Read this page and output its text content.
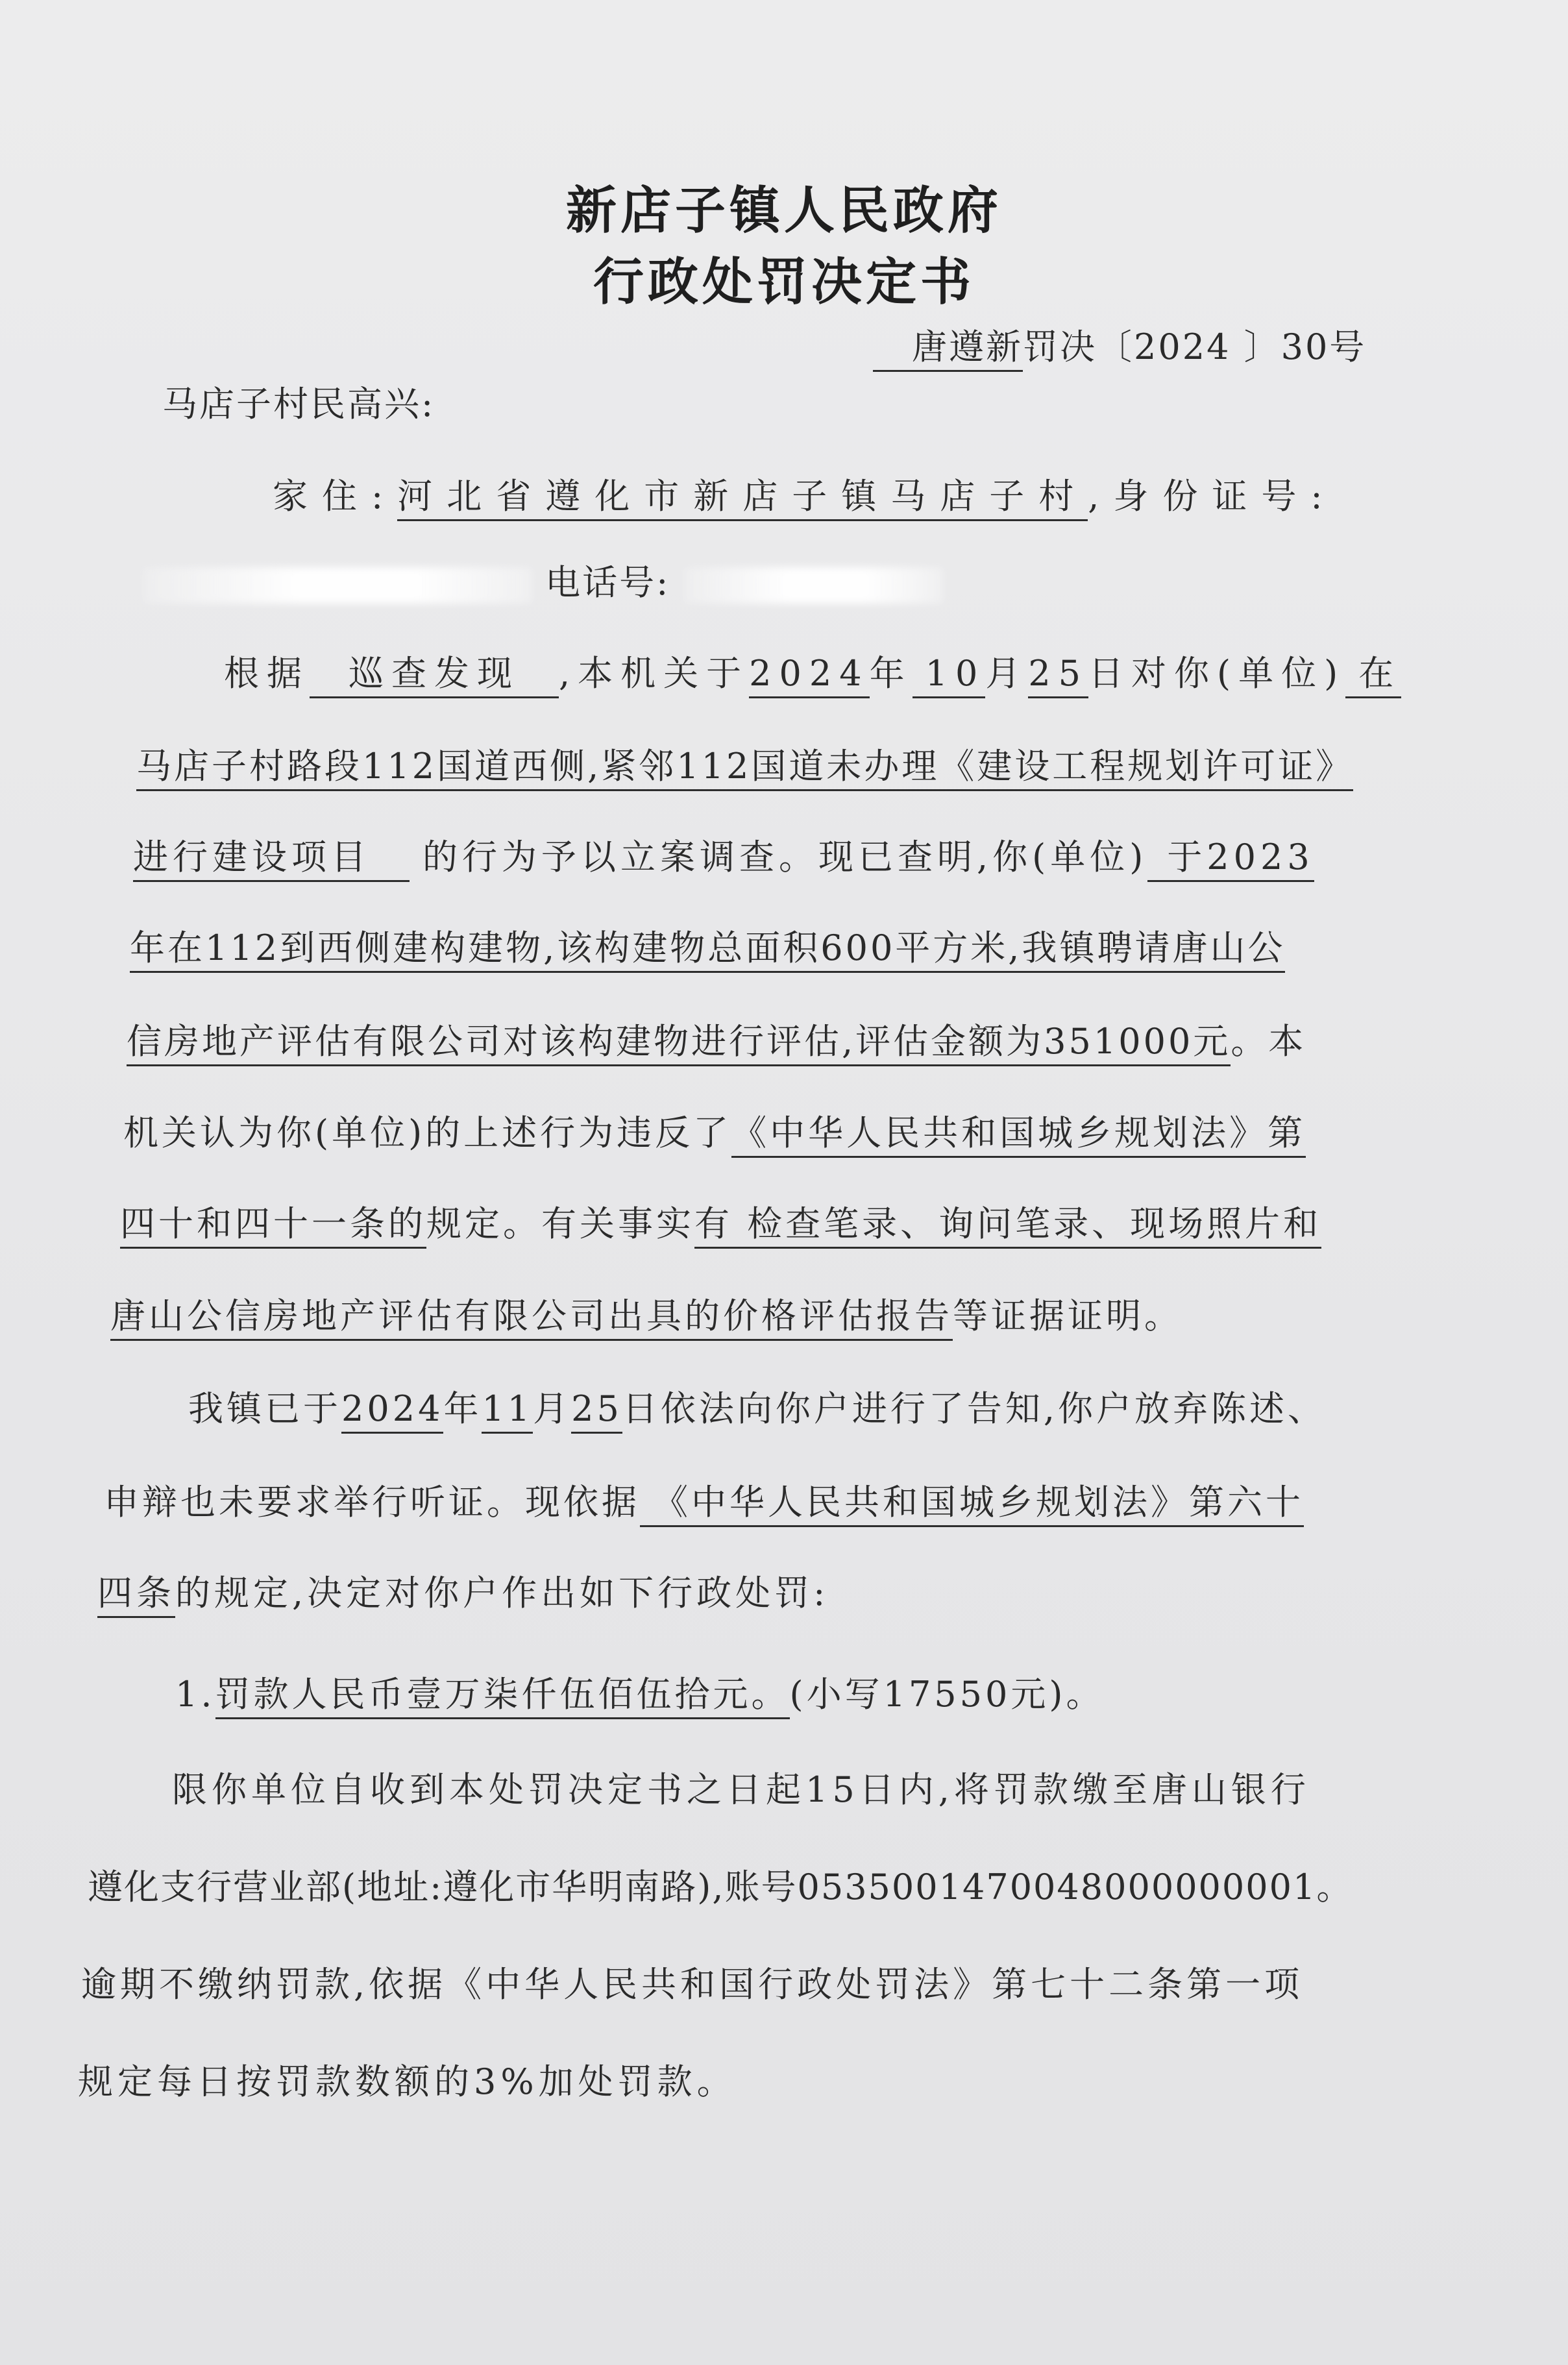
新店子镇人民政府
行政处罚决定书
唐遵新罚决〔2024 〕30号
马店子村民高兴:
家住:河北省遵化市新店子镇马店子村,身份证号:
电话号:
根据 巡查发现 ,本机关于2024年 10月25日对你(单位) 在
马店子村路段112国道西侧,紧邻112国道未办理《建设工程规划许可证》
进行建设项目 的行为予以立案调查。现已查明,你(单位) 于2023
年在112到西侧建构建物,该构建物总面积600平方米,我镇聘请唐山公
信房地产评估有限公司对该构建物进行评估,评估金额为351000元。本
机关认为你(单位)的上述行为违反了《中华人民共和国城乡规划法》第
四十和四十一条的规定。有关事实有 检查笔录、询问笔录、现场照片和
唐山公信房地产评估有限公司出具的价格评估报告等证据证明。
我镇已于2024年11月25日依法向你户进行了告知,你户放弃陈述、
申辩也未要求举行听证。现依据 《中华人民共和国城乡规划法》第六十
四条的规定,决定对你户作出如下行政处罚:
1.罚款人民币壹万柒仟伍佰伍拾元。(小写17550元)。
限你单位自收到本处罚决定书之日起15日内,将罚款缴至唐山银行
遵化支行营业部(地址:遵化市华明南路),账号0535001470048000000001。
逾期不缴纳罚款,依据《中华人民共和国行政处罚法》第七十二条第一项
规定每日按罚款数额的3%加处罚款。
